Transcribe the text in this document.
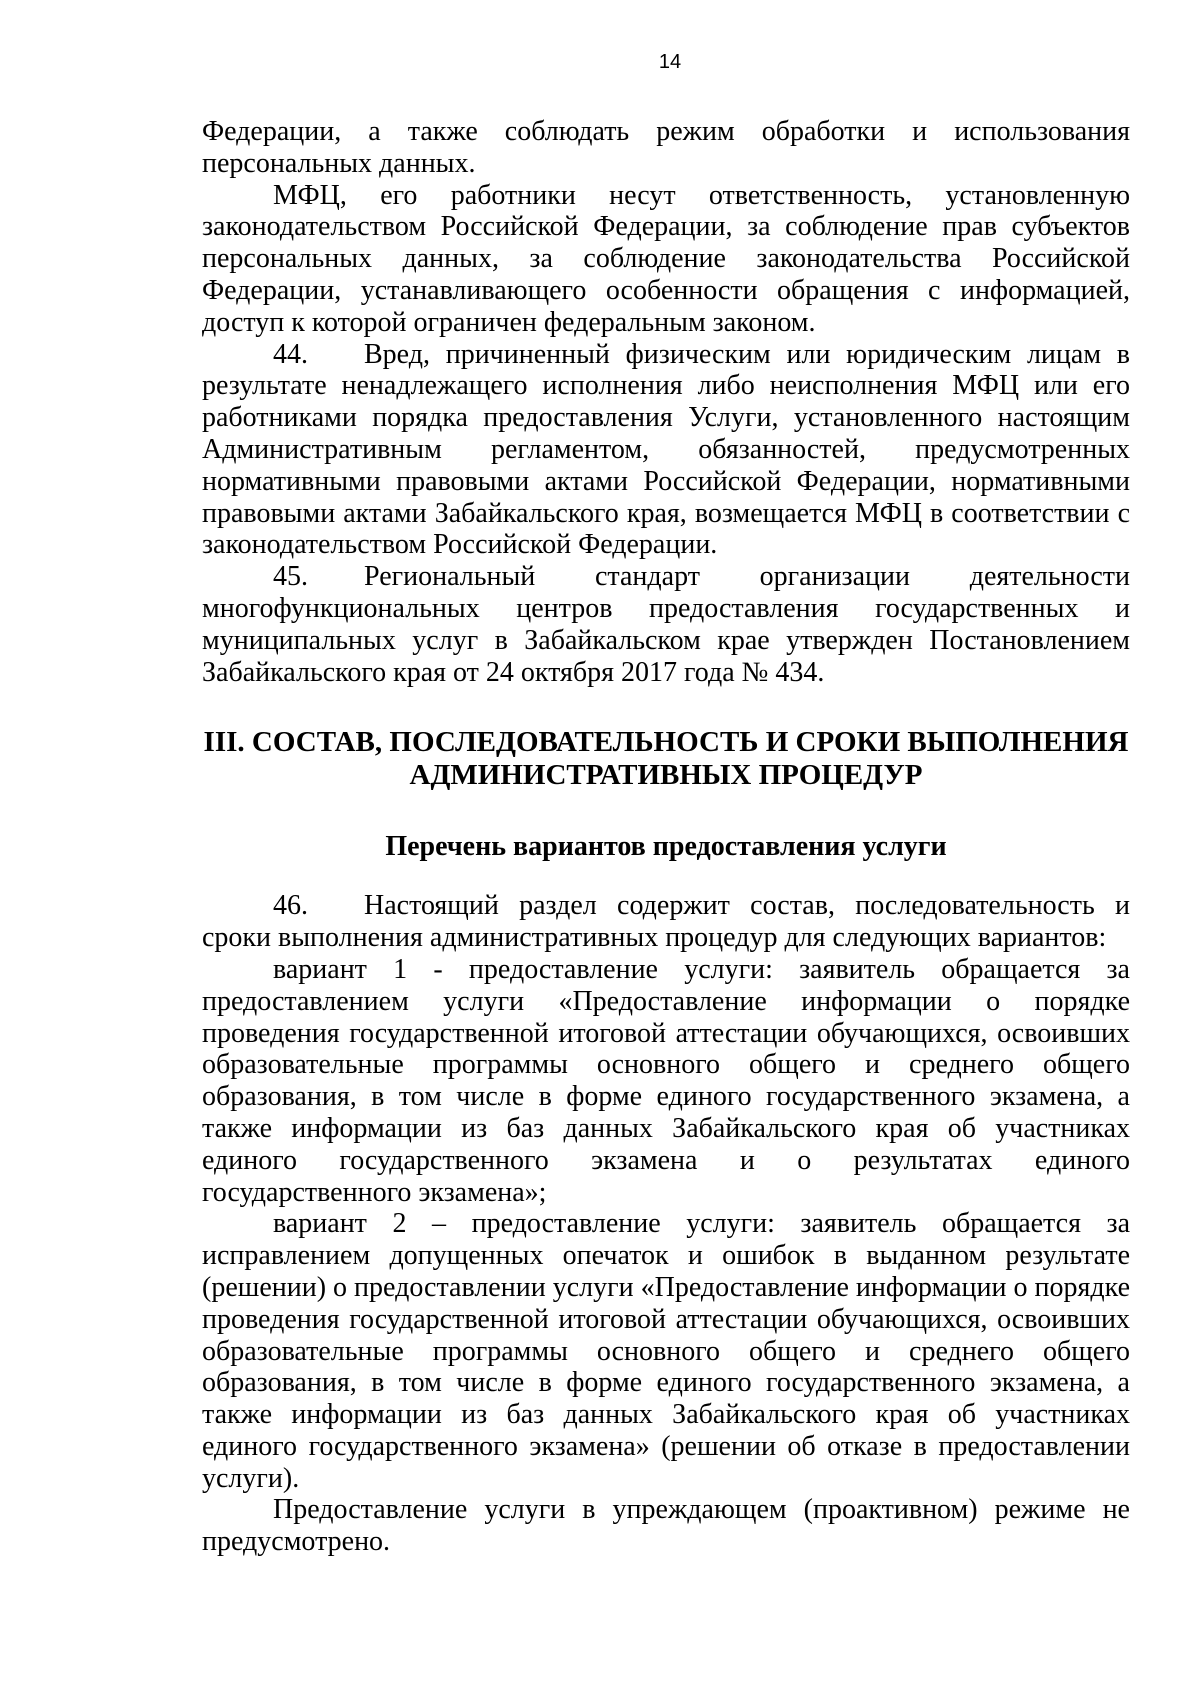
14

Федерации, а также соблюдать режим обработки и использования персональных данных.

МФЦ, его работники несут ответственность, установленную законодательством Российской Федерации, за соблюдение прав субъектов персональных данных, за соблюдение законодательства Российской Федерации, устанавливающего особенности обращения с информацией, доступ к которой ограничен федеральным законом.

44. Вред, причиненный физическим или юридическим лицам в результате ненадлежащего исполнения либо неисполнения МФЦ или его работниками порядка предоставления Услуги, установленного настоящим Административным регламентом, обязанностей, предусмотренных нормативными правовыми актами Российской Федерации, нормативными правовыми актами Забайкальского края, возмещается МФЦ в соответствии с законодательством Российской Федерации.

45. Региональный стандарт организации деятельности многофункциональных центров предоставления государственных и муниципальных услуг в Забайкальском крае утвержден Постановлением Забайкальского края от 24 октября 2017 года № 434.

III. СОСТАВ, ПОСЛЕДОВАТЕЛЬНОСТЬ И СРОКИ ВЫПОЛНЕНИЯ
АДМИНИСТРАТИВНЫХ ПРОЦЕДУР
Перечень вариантов предоставления услуги

46. Настоящий раздел содержит состав, последовательность и сроки выполнения административных процедур для следующих вариантов:

вариант 1 - предоставление услуги: заявитель обращается за предоставлением услуги «Предоставление информации о порядке проведения государственной итоговой аттестации обучающихся, освоивших образовательные программы основного общего и среднего общего образования, в том числе в форме единого государственного экзамена, а также информации из баз данных Забайкальского края об участниках единого государственного экзамена и о результатах единого государственного экзамена»;

вариант 2 – предоставление услуги: заявитель обращается за исправлением допущенных опечаток и ошибок в выданном результате (решении) о предоставлении услуги «Предоставление информации о порядке проведения государственной итоговой аттестации обучающихся, освоивших образовательные программы основного общего и среднего общего образования, в том числе в форме единого государственного экзамена, а также информации из баз данных Забайкальского края об участниках единого государственного экзамена» (решении об отказе в предоставлении услуги).

Предоставление услуги в упреждающем (проактивном) режиме не предусмотрено.
